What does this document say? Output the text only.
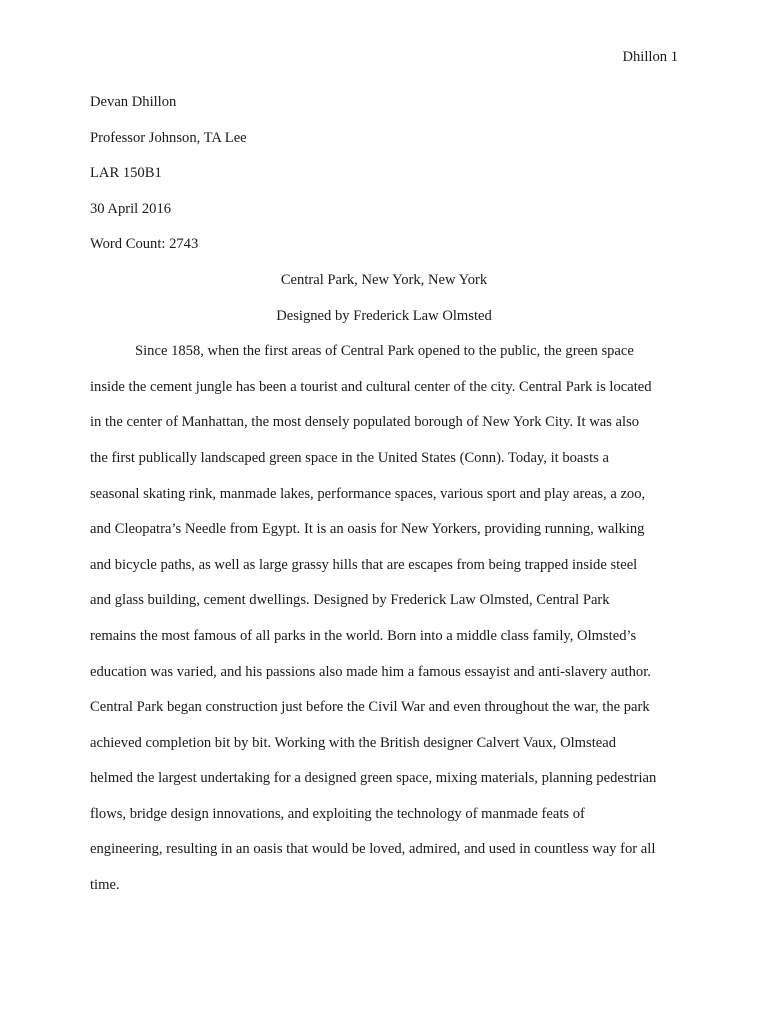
Dhillon 1
Devan Dhillon
Professor Johnson, TA Lee
LAR 150B1
30 April 2016
Word Count: 2743
Central Park, New York, New York
Designed by Frederick Law Olmsted
Since 1858, when the first areas of Central Park opened to the public, the green space
inside the cement jungle has been a tourist and cultural center of the city. Central Park is located
in the center of Manhattan, the most densely populated borough of New York City. It was also
the first publically landscaped green space in the United States (Conn). Today, it boasts a
seasonal skating rink, manmade lakes, performance spaces, various sport and play areas, a zoo,
and Cleopatra’s Needle from Egypt. It is an oasis for New Yorkers, providing running, walking
and bicycle paths, as well as large grassy hills that are escapes from being trapped inside steel
and glass building, cement dwellings. Designed by Frederick Law Olmsted, Central Park
remains the most famous of all parks in the world. Born into a middle class family, Olmsted’s
education was varied, and his passions also made him a famous essayist and anti-slavery author.
Central Park began construction just before the Civil War and even throughout the war, the park
achieved completion bit by bit. Working with the British designer Calvert Vaux, Olmstead
helmed the largest undertaking for a designed green space, mixing materials, planning pedestrian
flows, bridge design innovations, and exploiting the technology of manmade feats of
engineering, resulting in an oasis that would be loved, admired, and used in countless way for all
time.
